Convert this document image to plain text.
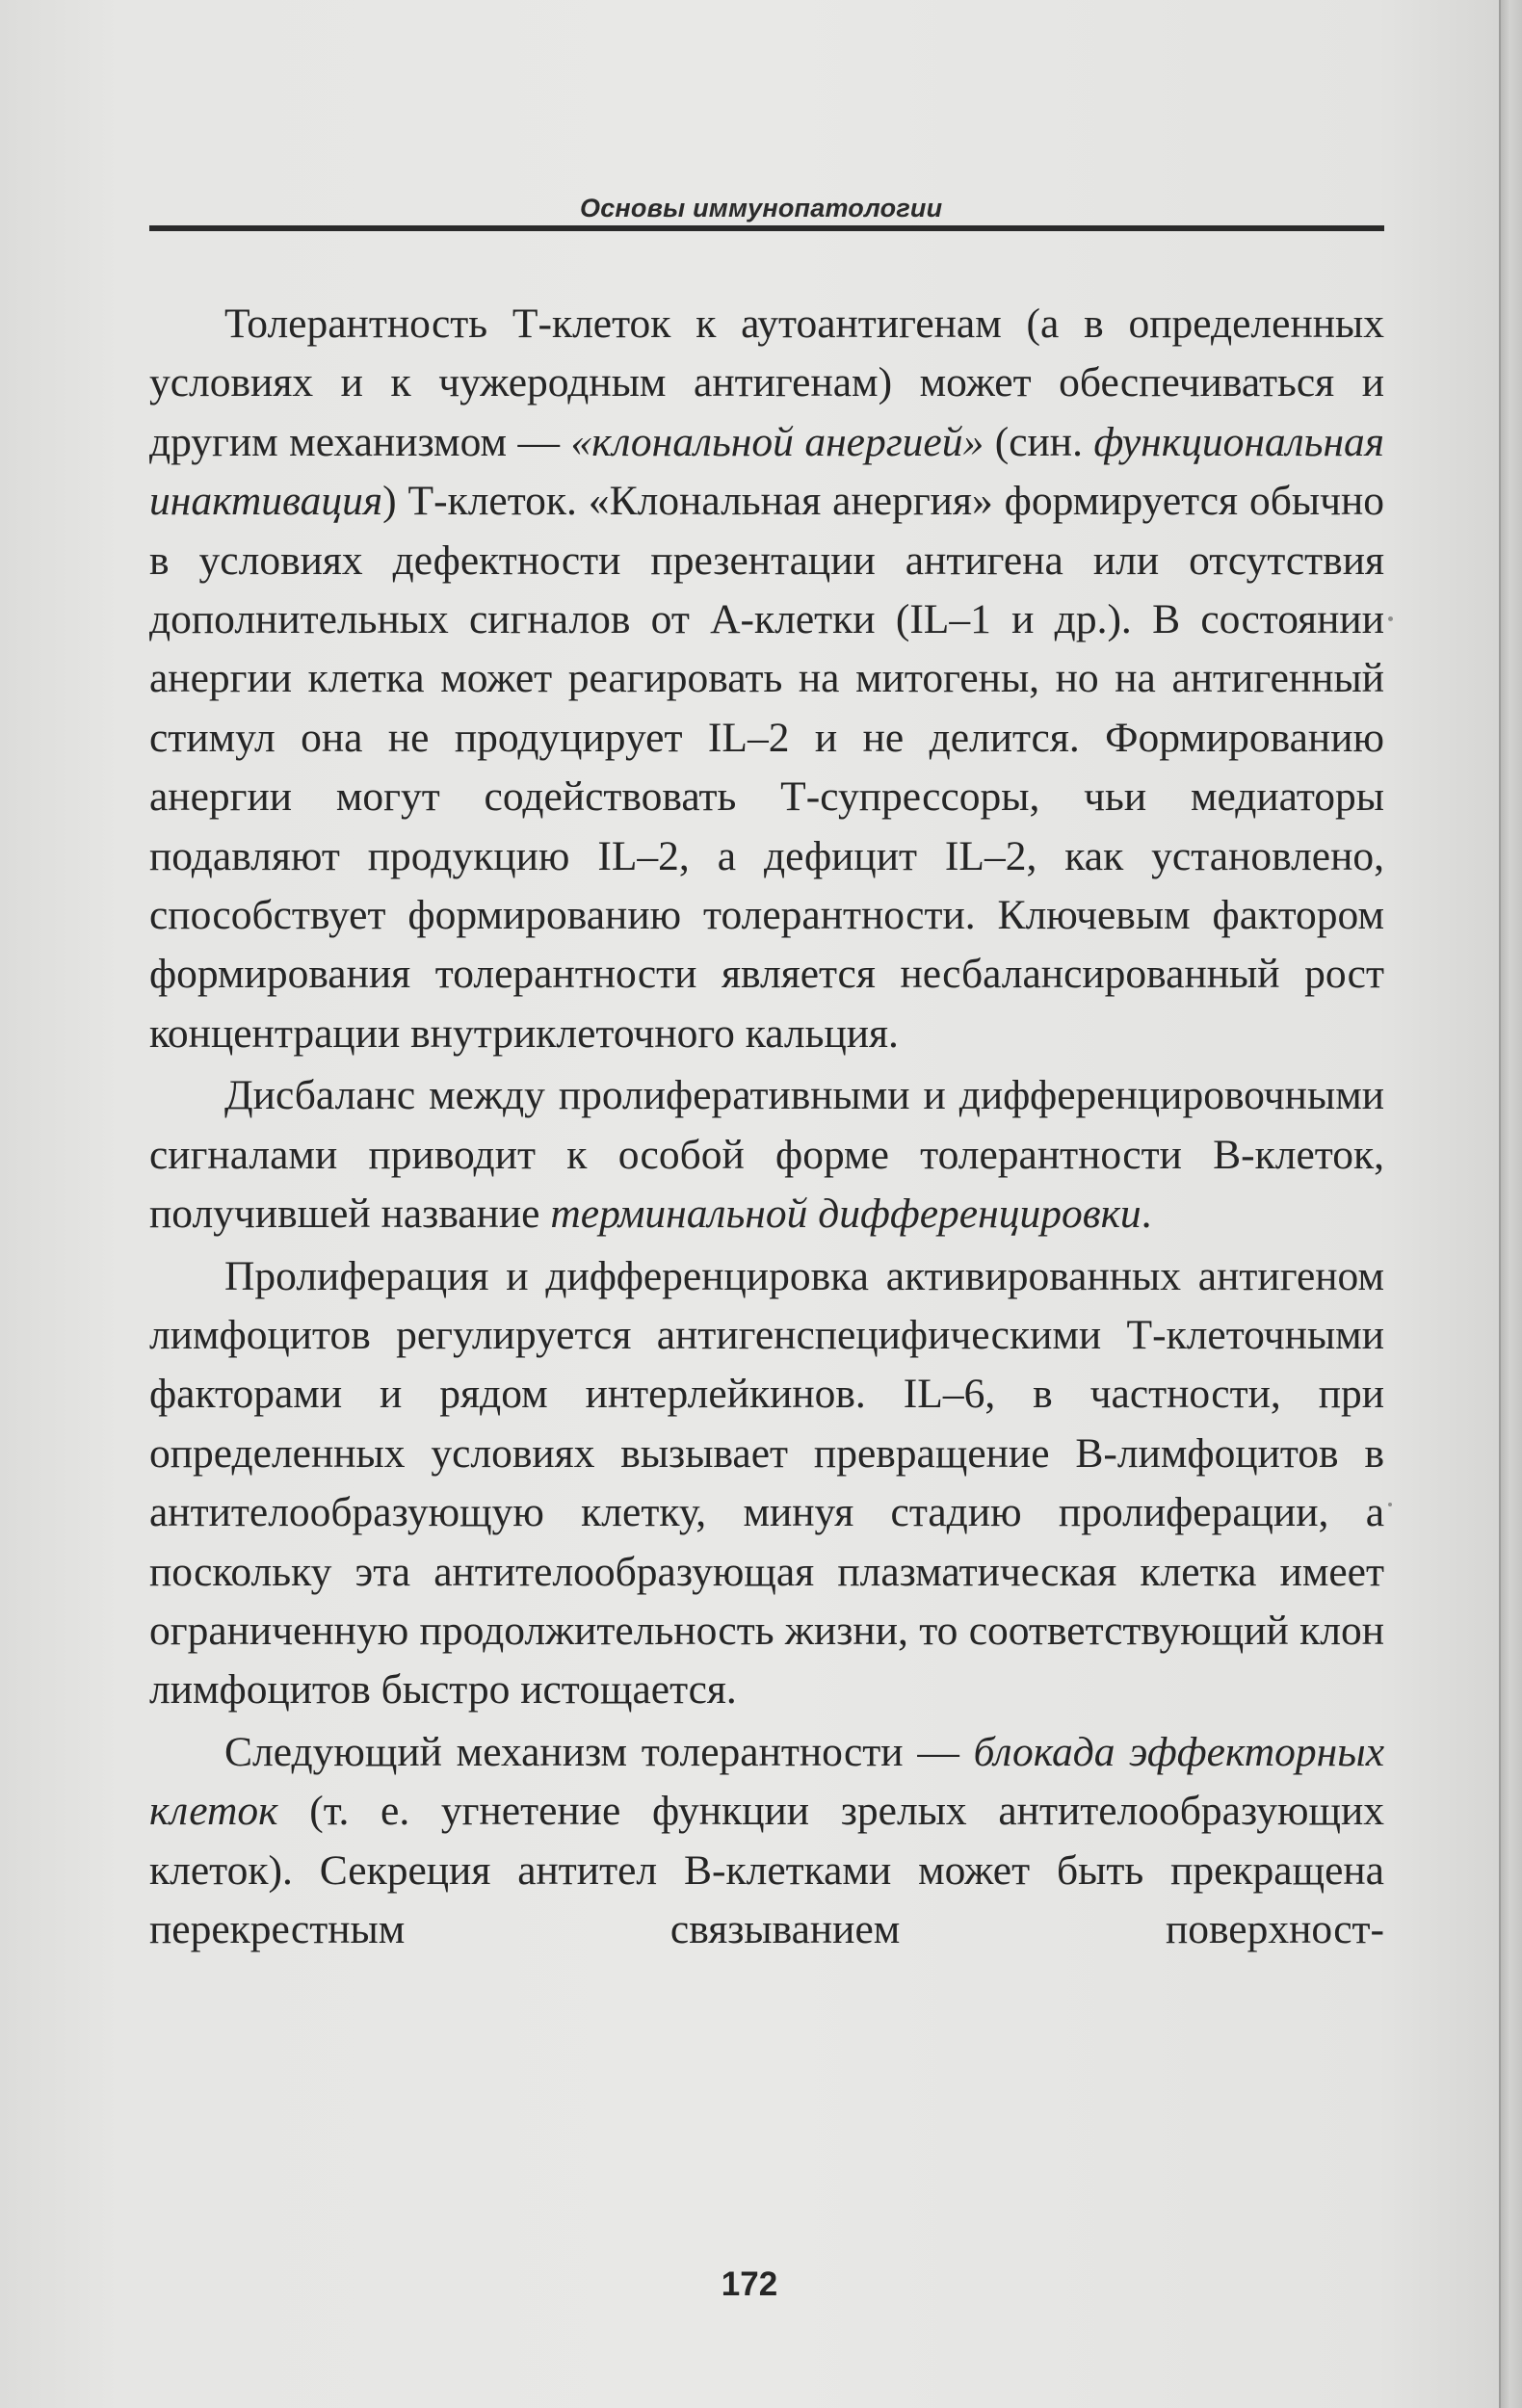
Основы иммунопатологии

Толерантность Т-клеток к аутоантигенам (а в определенных условиях и к чужеродным антигенам) может обеспечиваться и другим механизмом — «клональной анергией» (син. функциональная инактивация) Т-клеток. «Клональная анергия» формируется обычно в условиях дефектности презентации антигена или отсутствия дополнительных сигналов от А-клетки (IL–1 и др.). В состоянии анергии клетка может реагировать на митогены, но на антигенный стимул она не продуцирует IL–2 и не делится. Формированию анергии могут содействовать Т-супрессоры, чьи медиаторы подавляют продукцию IL–2, а дефицит IL–2, как установлено, способствует формированию толерантности. Ключевым фактором формирования толерантности является несбалансированный рост концентрации внутриклеточного кальция.

Дисбаланс между пролиферативными и дифференцировочными сигналами приводит к особой форме толерантности В-клеток, получившей название терминальной дифференцировки.

Пролиферация и дифференцировка активированных антигеном лимфоцитов регулируется антигенспецифическими Т-клеточными факторами и рядом интерлейкинов. IL–6, в частности, при определенных условиях вызывает превращение В-лимфоцитов в антителообразующую клетку, минуя стадию пролиферации, а поскольку эта антителообразующая плазматическая клетка имеет ограниченную продолжительность жизни, то соответствующий клон лимфоцитов быстро истощается.

Следующий механизм толерантности — блокада эффекторных клеток (т. е. угнетение функции зрелых антителообразующих клеток). Секреция антител В-клетками может быть прекращена перекрестным связыванием поверхност-

172
